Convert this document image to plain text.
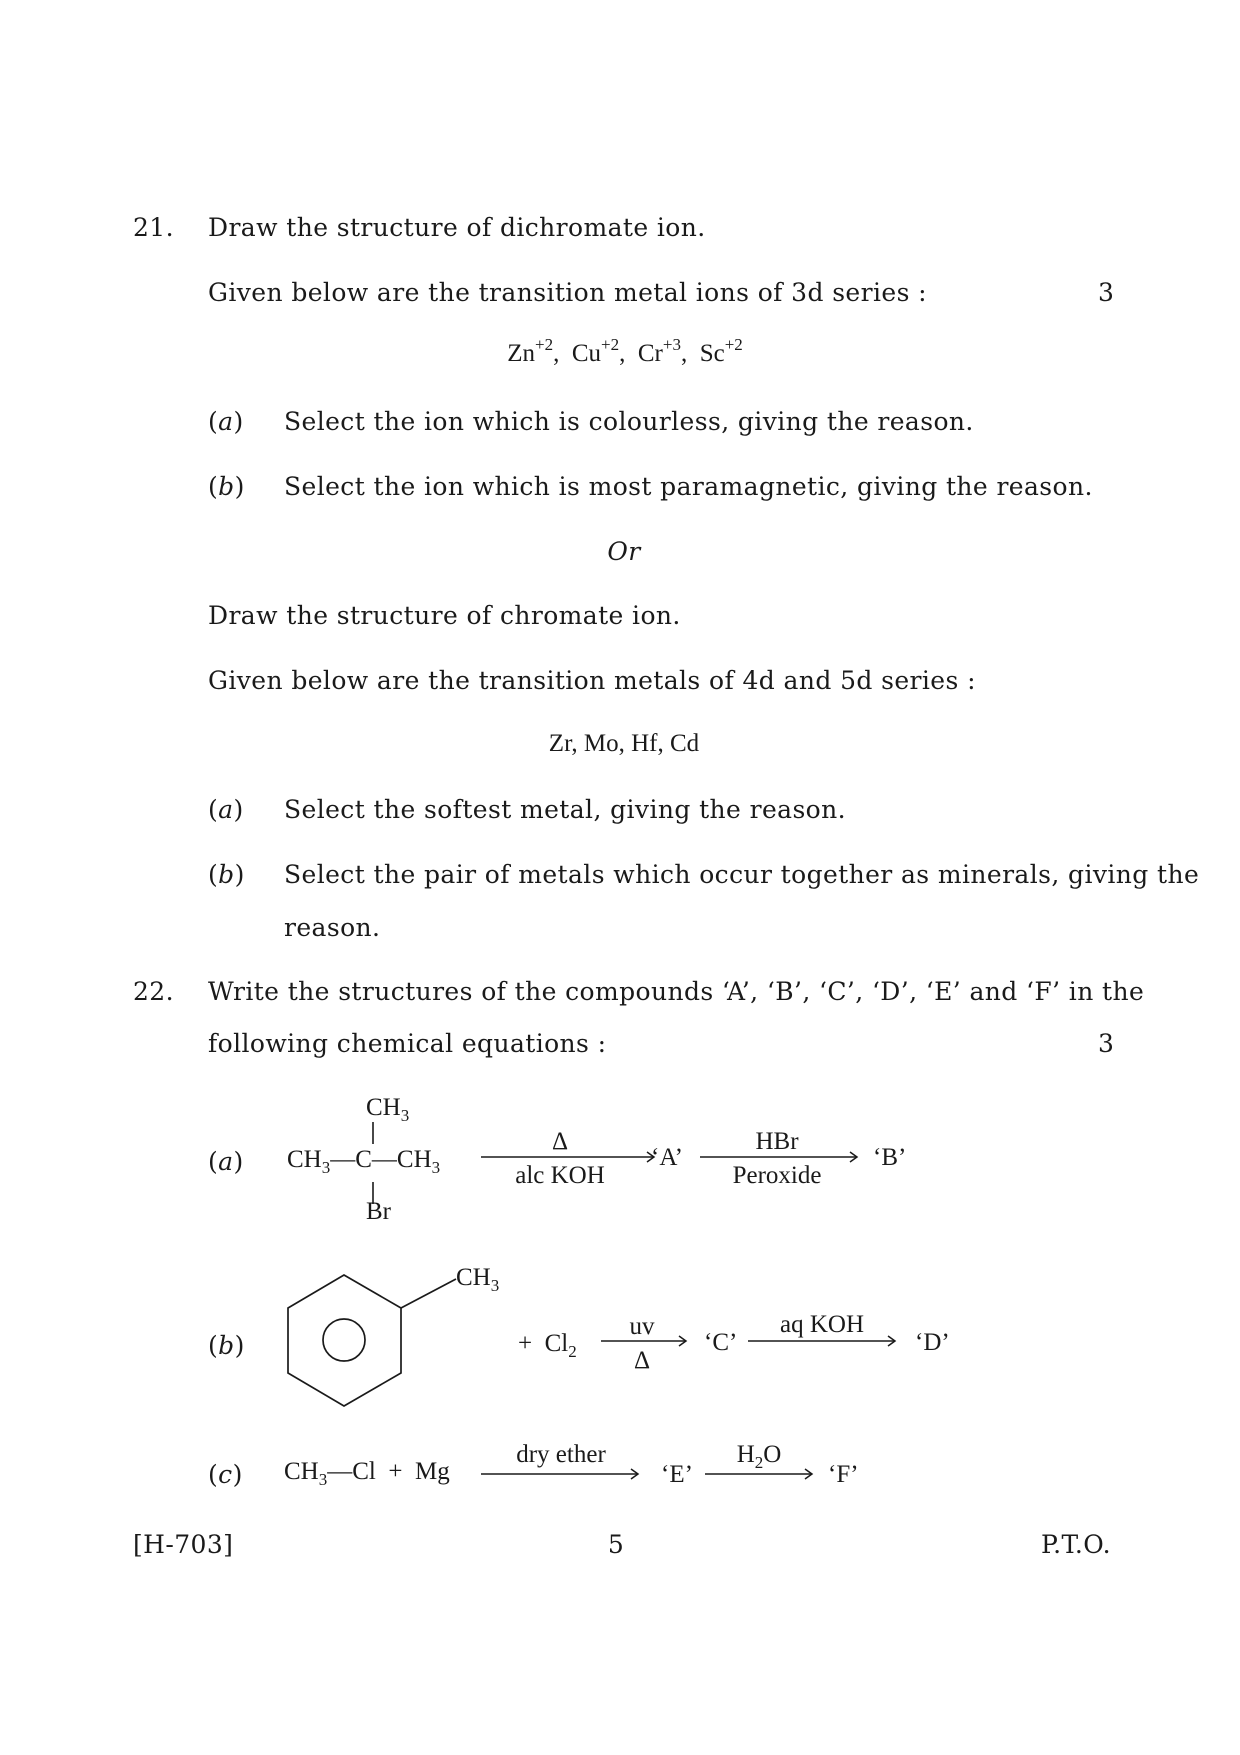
21. Draw the structure of dichromate ion.
Given below are the transition metal ions of 3d series :	3
$Zn^{+2}$, $Cu^{+2}$, $Cr^{+3}$, $Sc^{+2}$
(a) Select the ion which is colourless, giving the reason.
(b) Select the ion which is most paramagnetic, giving the reason.
Or
Draw the structure of chromate ion.
Given below are the transition metals of 4d and 5d series :
Zr, Mo, Hf, Cd
(a) Select the softest metal, giving the reason.
(b) Select the pair of metals which occur together as minerals, giving the
reason.
22. Write the structures of the compounds ‘A’, ‘B’, ‘C’, ‘D’, ‘E’ and ‘F’ in the
following chemical equations :	3
(a)
$CH_3$
$CH_3—C—CH_3$
Br
Δ
alc KOH
‘A’
HBr
Peroxide
‘B’
(b)
$CH_3$
+ $Cl_2$
uv
Δ
‘C’
aq KOH
‘D’
(c) $CH_3—Cl + Mg$
dry ether
‘E’
$H_2O$
‘F’
[H-703]	5	P.T.O.
